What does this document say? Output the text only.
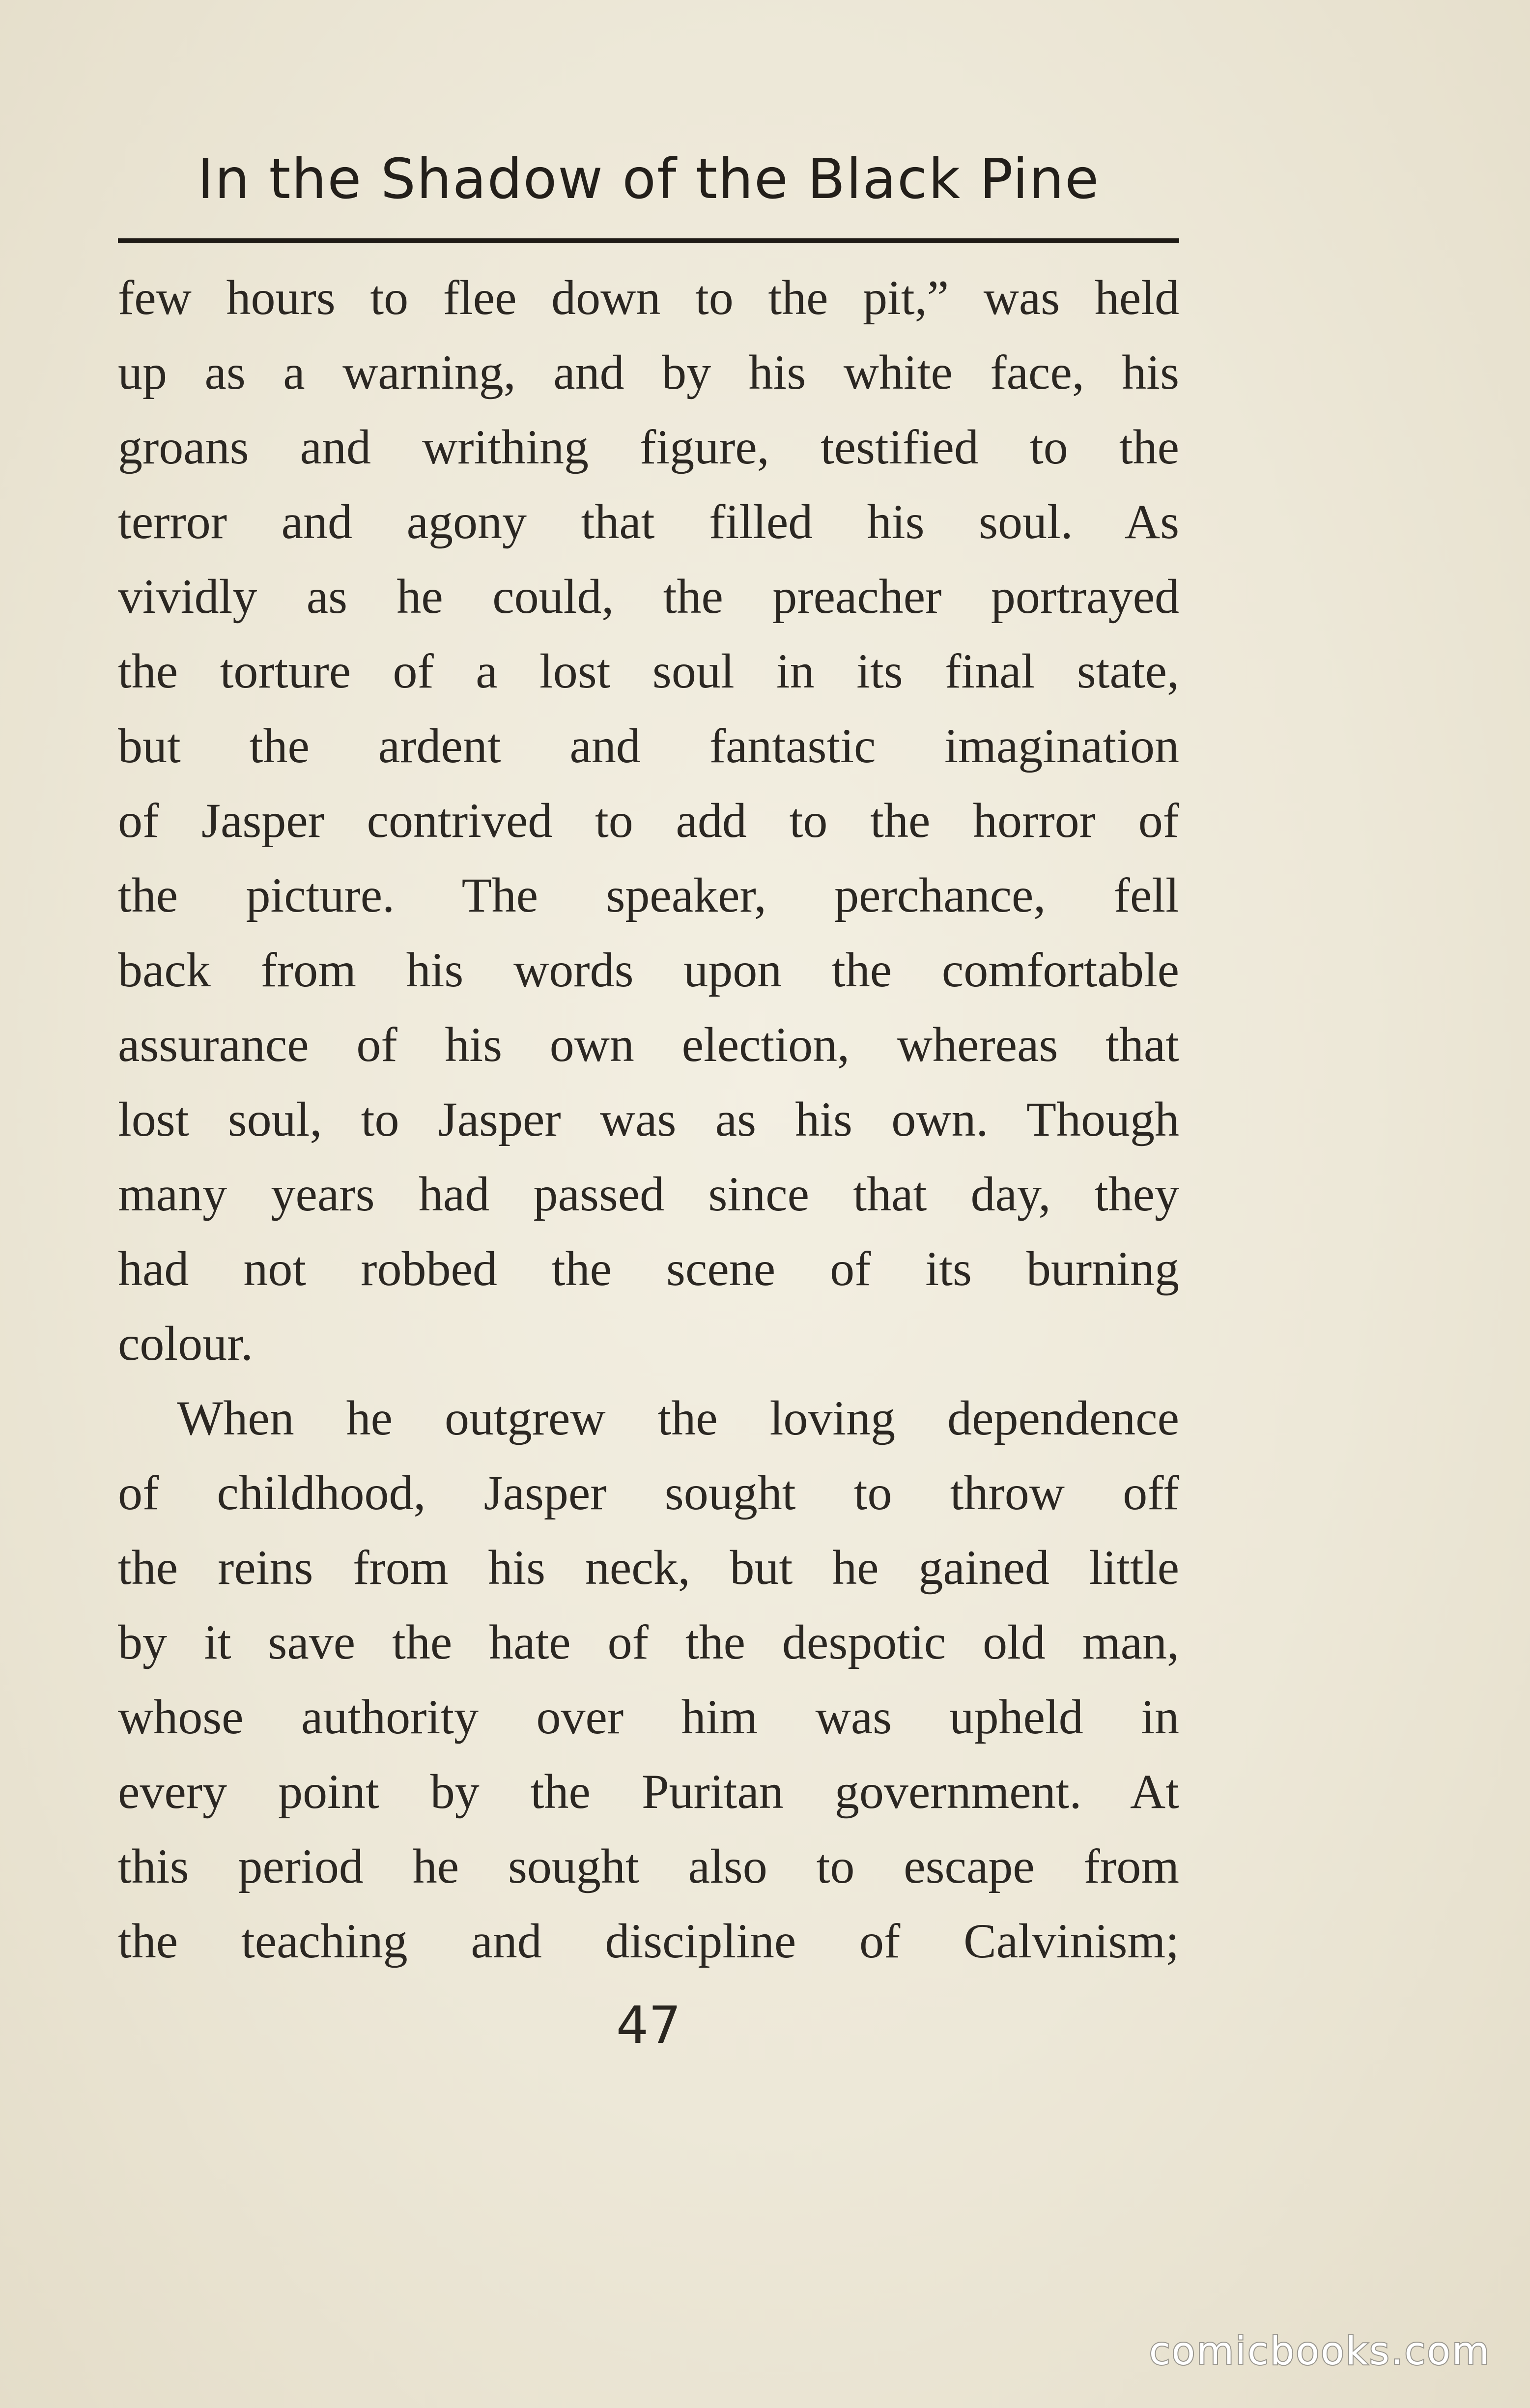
In the Shadow of the Black Pine
few hours to flee down to the pit,” was held
up as a warning, and by his white face, his
groans and writhing figure, testified to the
terror and agony that filled his soul. As
vividly as he could, the preacher portrayed
the torture of a lost soul in its final state,
but the ardent and fantastic imagination
of Jasper contrived to add to the horror of
the picture. The speaker, perchance, fell
back from his words upon the comfortable
assurance of his own election, whereas that
lost soul, to Jasper was as his own. Though
many years had passed since that day, they
had not robbed the scene of its burning
colour.
When he outgrew the loving dependence
of childhood, Jasper sought to throw off
the reins from his neck, but he gained little
by it save the hate of the despotic old man,
whose authority over him was upheld in
every point by the Puritan government. At
this period he sought also to escape from
the teaching and discipline of Calvinism;
47
comicbooks.com
